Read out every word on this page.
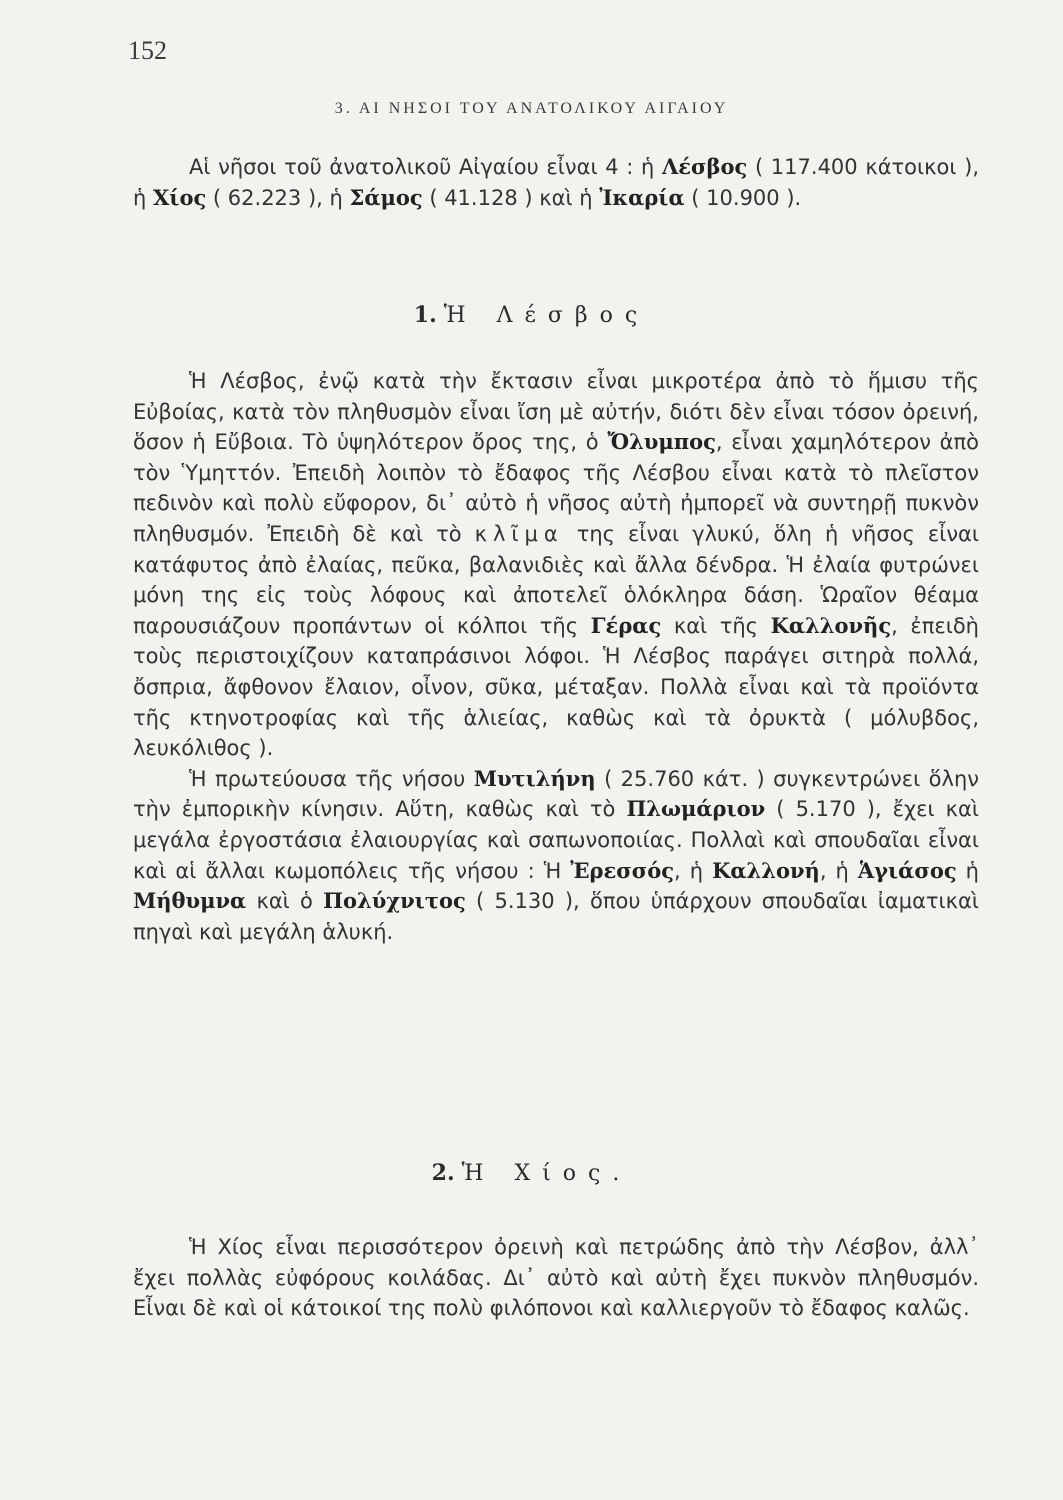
152
3. ΑΙ ΝΗΣΟΙ ΤΟΥ ΑΝΑΤΟΛΙΚΟΥ ΑΙΓΑΙΟΥ

Αἱ νῆσοι τοῦ ἀνατολικοῦ Αἰγαίου εἶναι 4 : ἡ Λέσβος ( 117.400 κάτοικοι ), ἡ Χίος ( 62.223 ), ἡ Σάμος ( 41.128 ) καὶ ἡ Ἰκαρία ( 10.900 ).

1. Ἡ Λέσβος

Ἡ Λέσβος, ἐνῷ κατὰ τὴν ἔκτασιν εἶναι μικροτέρα ἀπὸ τὸ ἥμισυ τῆς Εὐβοίας, κατὰ τὸν πληθυσμὸν εἶναι ἴση μὲ αὐτήν, διότι δὲν εἶναι τόσον ὀρεινή, ὅσον ἡ Εὔβοια. Τὸ ὑψηλότερον ὄρος της, ὁ Ὄλυμπος, εἶναι χαμηλότερον ἀπὸ τὸν Ὑμηττόν. Ἐπειδὴ λοιπὸν τὸ ἔδαφος τῆς Λέσβου εἶναι κατὰ τὸ πλεῖστον πεδινὸν καὶ πολὺ εὔφορον, δι᾿ αὐτὸ ἡ νῆσος αὐτὴ ἠμπορεῖ νὰ συντηρῇ πυκνὸν πληθυσμόν. Ἐπειδὴ δὲ καὶ τὸ κλῖμα της εἶναι γλυκύ, ὅλη ἡ νῆσος εἶναι κατάφυτος ἀπὸ ἐλαίας, πεῦκα, βαλανιδιὲς καὶ ἄλλα δένδρα. Ἡ ἐλαία φυτρώνει μόνη της εἰς τοὺς λόφους καὶ ἀποτελεῖ ὁλόκληρα δάση. Ὡραῖον θέαμα παρουσιάζουν προπάντων οἱ κόλποι τῆς Γέρας καὶ τῆς Καλλονῆς, ἐπειδὴ τοὺς περιστοιχίζουν καταπράσινοι λόφοι. Ἡ Λέσβος παράγει σιτηρὰ πολλά, ὄσπρια, ἄφθονον ἔλαιον, οἶνον, σῦκα, μέταξαν. Πολλὰ εἶναι καὶ τὰ προϊόντα τῆς κτηνοτροφίας καὶ τῆς ἁλιείας, καθὼς καὶ τὰ ὀρυκτὰ ( μόλυβδος, λευκόλιθος ).

Ἡ πρωτεύουσα τῆς νήσου Μυτιλήνη ( 25.760 κάτ. ) συγκεντρώνει ὅλην τὴν ἐμπορικὴν κίνησιν. Αὕτη, καθὼς καὶ τὸ Πλωμάριον ( 5.170 ), ἔχει καὶ μεγάλα ἐργοστάσια ἐλαιουργίας καὶ σαπωνοποιίας. Πολλαὶ καὶ σπουδαῖαι εἶναι καὶ αἱ ἄλλαι κωμοπόλεις τῆς νήσου : Ἡ Ἐρεσσός, ἡ Καλλονή, ἡ Ἁγιάσος ἡ Μήθυμνα καὶ ὁ Πολύχνιτος ( 5.130 ), ὅπου ὑπάρχουν σπουδαῖαι ἰαματικαὶ πηγαὶ καὶ μεγάλη ἁλυκή.

2. Ἡ Χίος.

Ἡ Χίος εἶναι περισσότερον ὀρεινὴ καὶ πετρώδης ἀπὸ τὴν Λέσβον, ἀλλ᾿ ἔχει πολλὰς εὐφόρους κοιλάδας. Δι᾿ αὐτὸ καὶ αὐτὴ ἔχει πυκνὸν πληθυσμόν. Εἶναι δὲ καὶ οἱ κάτοικοί της πολὺ φιλόπονοι καὶ καλλιεργοῦν τὸ ἔδαφος καλῶς.
